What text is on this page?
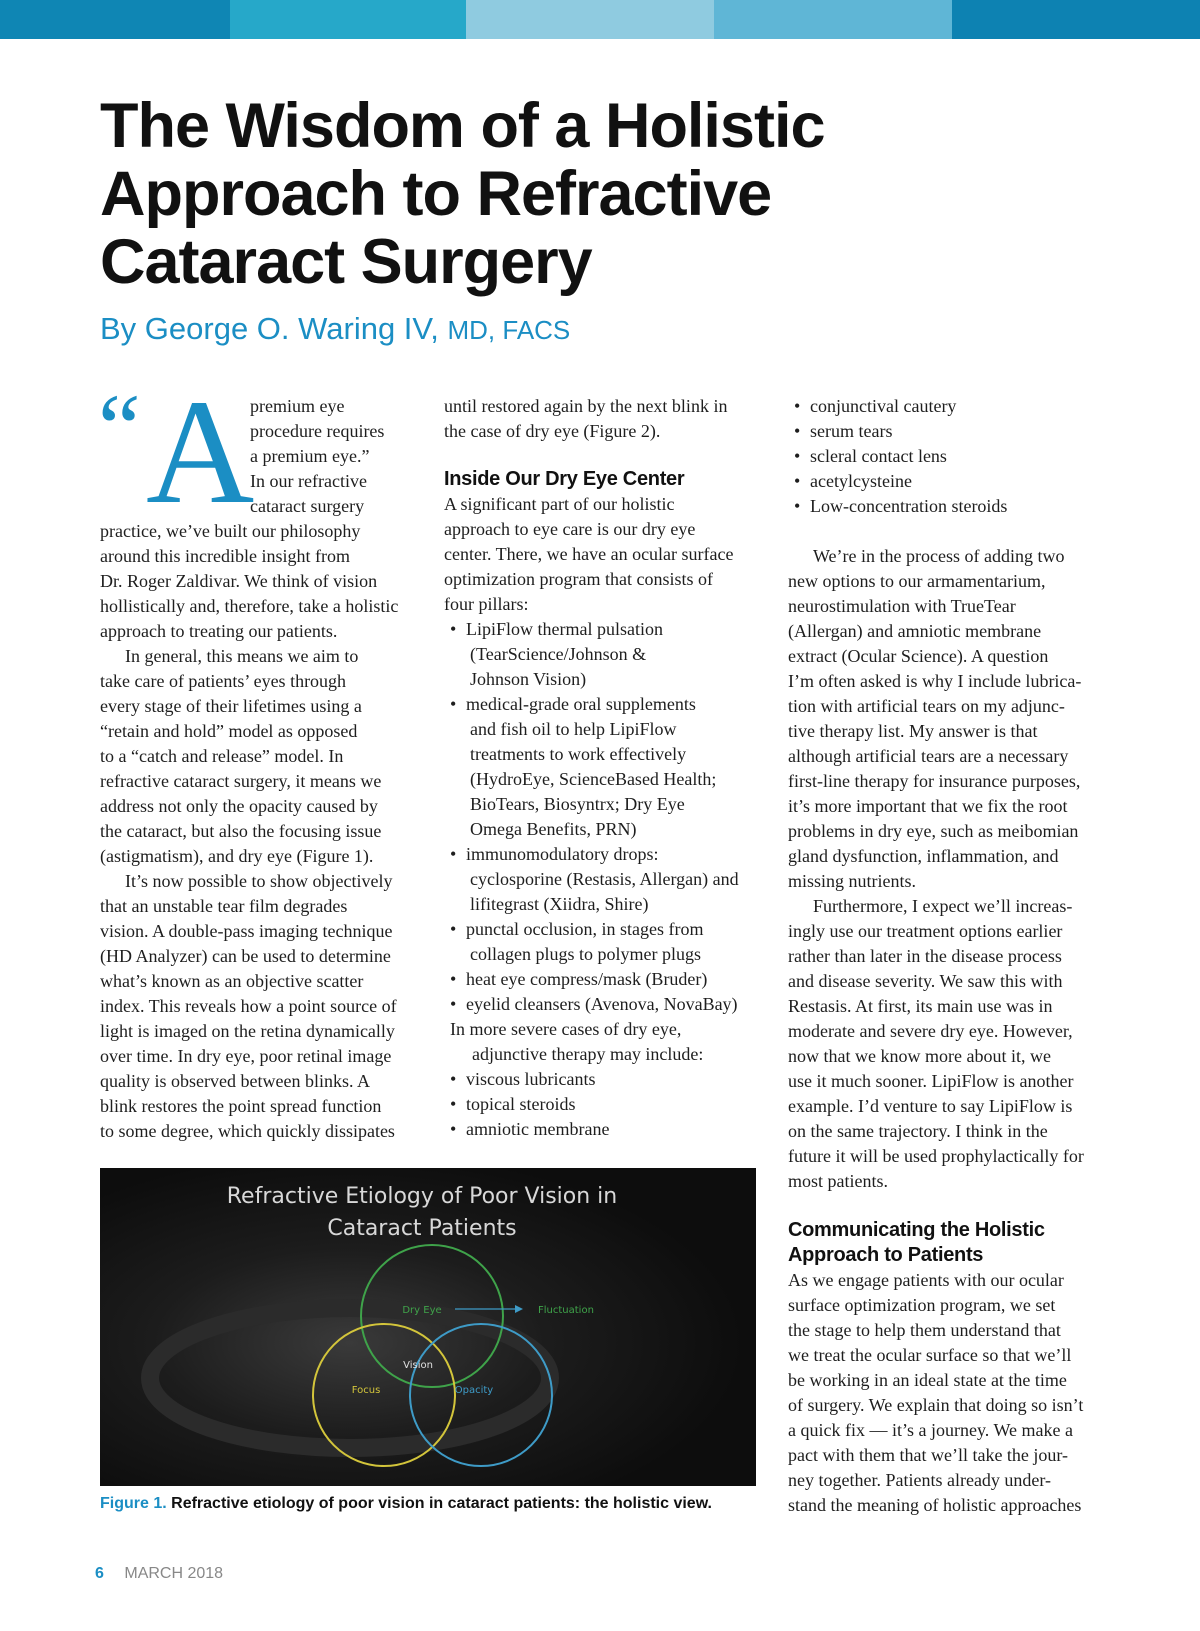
The Wisdom of a Holistic
Approach to Refractive
Cataract Surgery
By George O. Waring IV, MD, FACS
“ A
premium eye
procedure requires
a premium eye.”
In our refractive
cataract surgery

practice, we’ve built our philosophy
around this incredible insight from
Dr. Roger Zaldivar. We think of vision
hollistically and, therefore, take a holistic
approach to treating our patients.

In general, this means we aim to
take care of patients’ eyes through
every stage of their lifetimes using a
“retain and hold” model as opposed
to a “catch and release” model. In
refractive cataract surgery, it means we
address not only the opacity caused by
the cataract, but also the focusing issue
(astigmatism), and dry eye (Figure 1).

It’s now possible to show objectively
that an unstable tear film degrades
vision. A double-pass imaging technique
(HD Analyzer) can be used to determine
what’s known as an objective scatter
index. This reveals how a point source of
light is imaged on the retina dynamically
over time. In dry eye, poor retinal image
quality is observed between blinks. A
blink restores the point spread function
to some degree, which quickly dissipates

until restored again by the next blink in
the case of dry eye (Figure 2).
Inside Our Dry Eye Center
A significant part of our holistic
approach to eye care is our dry eye
center. There, we have an ocular surface
optimization program that consists of
four pillars:
• LipiFlow thermal pulsation
(TearScience/Johnson &
Johnson Vision)
• medical-grade oral supplements
and fish oil to help LipiFlow
treatments to work effectively
(HydroEye, ScienceBased Health;
BioTears, Biosyntrx; Dry Eye
Omega Benefits, PRN)
• immunomodulatory drops:
cyclosporine (Restasis, Allergan) and
lifitegrast (Xiidra, Shire)
• punctal occlusion, in stages from
collagen plugs to polymer plugs
• heat eye compress/mask (Bruder)
• eyelid cleansers (Avenova, NovaBay)
In more severe cases of dry eye,
adjunctive therapy may include:
• viscous lubricants
• topical steroids
• amniotic membrane
• conjunctival cautery
• serum tears
• scleral contact lens
• acetylcysteine
• Low-concentration steroids

We’re in the process of adding two
new options to our armamentarium,
neurostimulation with TrueTear
(Allergan) and amniotic membrane
extract (Ocular Science). A question
I’m often asked is why I include lubrica-
tion with artificial tears on my adjunc-
tive therapy list. My answer is that
although artificial tears are a necessary
first-line therapy for insurance purposes,
it’s more important that we fix the root
problems in dry eye, such as meibomian
gland dysfunction, inflammation, and
missing nutrients.

Furthermore, I expect we’ll increas-
ingly use our treatment options earlier
rather than later in the disease process
and disease severity. We saw this with
Restasis. At first, its main use was in
moderate and severe dry eye. However,
now that we know more about it, we
use it much sooner. LipiFlow is another
example. I’d venture to say LipiFlow is
on the same trajectory. I think in the
future it will be used prophylactically for
most patients.

Communicating the Holistic
Approach to Patients

As we engage patients with our ocular
surface optimization program, we set
the stage to help them understand that
we treat the ocular surface so that we’ll
be working in an ideal state at the time
of surgery. We explain that doing so isn’t
a quick fix — it’s a journey. We make a
pact with them that we’ll take the jour-
ney together. Patients already under-
stand the meaning of holistic approaches

Refractive Etiology of Poor Vision in
Cataract Patients
Dry Eye	Fluctuation
Vision
Focus	Opacity
Figure 1. Refractive etiology of poor vision in cataract patients: the holistic view.
6 MARCH 2018
